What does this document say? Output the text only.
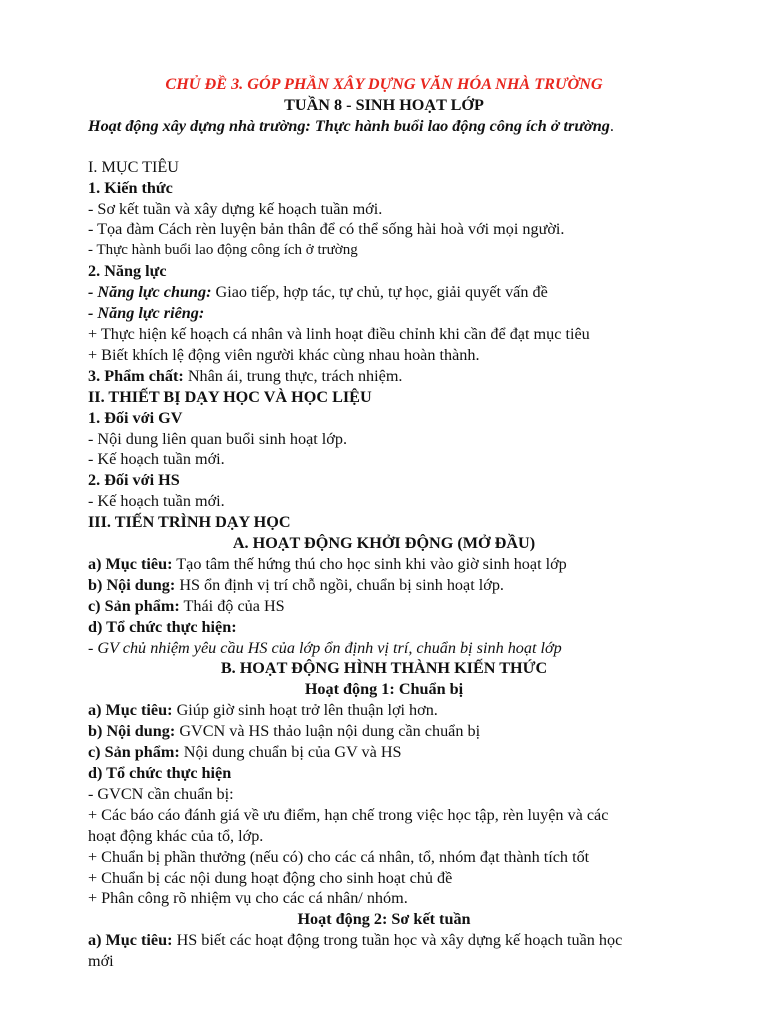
CHỦ ĐỀ 3. GÓP PHẦN XÂY DỰNG VĂN HÓA NHÀ TRƯỜNG
TUẦN 8 - SINH HOẠT LỚP
Hoạt động xây dựng nhà trường: Thực hành buổi lao động công ích ở trường.
I. MỤC TIÊU
1. Kiến thức
- Sơ kết tuần và xây dựng kế hoạch tuần mới.
- Tọa đàm Cách rèn luyện bản thân để có thể sống hài hoà với mọi người.
- Thực hành buổi lao động công ích ở trường
2. Năng lực
- Năng lực chung: Giao tiếp, hợp tác, tự chủ, tự học, giải quyết vấn đề
- Năng lực riêng:
+ Thực hiện kế hoạch cá nhân và linh hoạt điều chỉnh khi cần để đạt mục tiêu
+ Biết khích lệ động viên người khác cùng nhau hoàn thành.
3. Phẩm chất: Nhân ái, trung thực, trách nhiệm.
II. THIẾT BỊ DẠY HỌC VÀ HỌC LIỆU
1. Đối với GV
- Nội dung liên quan buổi sinh hoạt lớp.
- Kế hoạch tuần mới.
2. Đối với HS
- Kế hoạch tuần mới.
III. TIẾN TRÌNH DẠY HỌC
A. HOẠT ĐỘNG KHỞI ĐỘNG (MỞ ĐẦU)
a) Mục tiêu: Tạo tâm thế hứng thú cho học sinh khi vào giờ sinh hoạt lớp
b) Nội dung: HS ổn định vị trí chỗ ngồi, chuẩn bị sinh hoạt lớp.
c) Sản phẩm: Thái độ của HS
d) Tổ chức thực hiện:
- GV chủ nhiệm yêu cầu HS của lớp ổn định vị trí, chuẩn bị sinh hoạt lớp
B. HOẠT ĐỘNG HÌNH THÀNH KIẾN THỨC
Hoạt động 1: Chuẩn bị
a) Mục tiêu: Giúp giờ sinh hoạt trở lên thuận lợi hơn.
b) Nội dung: GVCN và HS thảo luận nội dung cần chuẩn bị
c) Sản phẩm: Nội dung chuẩn bị của GV và HS
d) Tổ chức thực hiện
- GVCN cần chuẩn bị:
+ Các báo cáo đánh giá về ưu điểm, hạn chế trong việc học tập, rèn luyện và các
hoạt động khác của tổ, lớp.
+ Chuẩn bị phần thưởng (nếu có) cho các cá nhân, tổ, nhóm đạt thành tích tốt
+ Chuẩn bị các nội dung hoạt động cho sinh hoạt chủ đề
+ Phân công rõ nhiệm vụ cho các cá nhân/ nhóm.
Hoạt động 2: Sơ kết tuần
a) Mục tiêu: HS biết các hoạt động trong tuần học và xây dựng kế hoạch tuần học
mới
